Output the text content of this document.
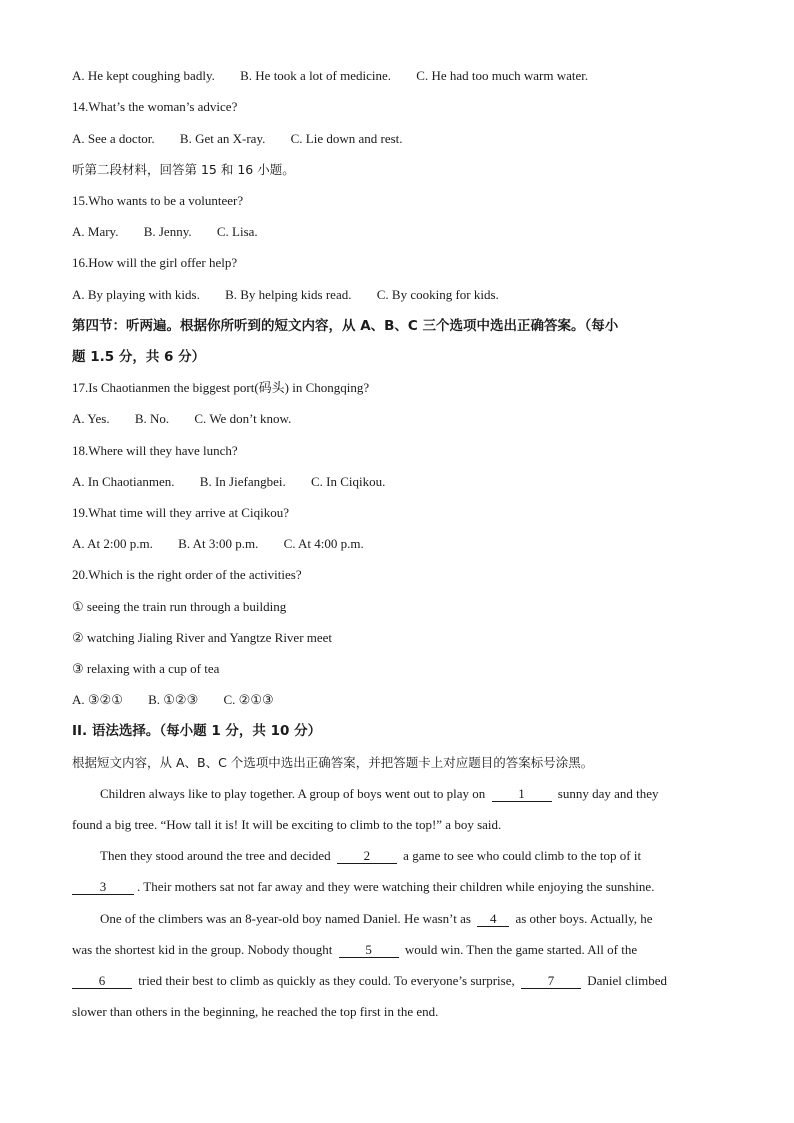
A. He kept coughing badly. B. He took a lot of medicine. C. He had too much warm water.
14.What’s the woman’s advice?
A. See a doctor. B. Get an X-ray. C. Lie down and rest.
听第二段材料，回答第 15 和 16 小题。
15.Who wants to be a volunteer?
A. Mary. B. Jenny. C. Lisa.
16.How will the girl offer help?
A. By playing with kids. B. By helping kids read. C. By cooking for kids.
第四节：听两遍。根据你所听到的短文内容，从 A、B、C 三个选项中选出正确答案。（每小
题 1.5 分，共 6 分）
17.Is Chaotianmen the biggest port(码头) in Chongqing?
A. Yes. B. No. C. We don’t know.
18.Where will they have lunch?
A. In Chaotianmen. B. In Jiefangbei. C. In Ciqikou.
19.What time will they arrive at Ciqikou?
A. At 2:00 p.m. B. At 3:00 p.m. C. At 4:00 p.m.
20.Which is the right order of the activities?
① seeing the train run through a building
② watching Jialing River and Yangtze River meet
③ relaxing with a cup of tea
A. ③②① B. ①②③ C. ②①③
II. 语法选择。（每小题 1 分，共 10 分）
根据短文内容，从 A、B、C 个选项中选出正确答案，并把答题卡上对应题目的答案标号涂黑。
Children always like to play together. A group of boys went out to play on	1	sunny day and they
found a big tree. “How tall it is! It will be exciting to climb to the top!” a boy said.
Then they stood around the tree and decided	2	a game to see who could climb to the top of it
3 . Their mothers sat not far away and they were watching their children while enjoying the sunshine.
One of the climbers was an 8-year-old boy named Daniel. He wasn’t as 4 as other boys. Actually, he
was the shortest kid in the group. Nobody thought	5	would win. Then the game started. All of the
6	tried their best to climb as quickly as they could. To everyone’s surprise,	7	Daniel climbed
slower than others in the beginning, he reached the top first in the end.
